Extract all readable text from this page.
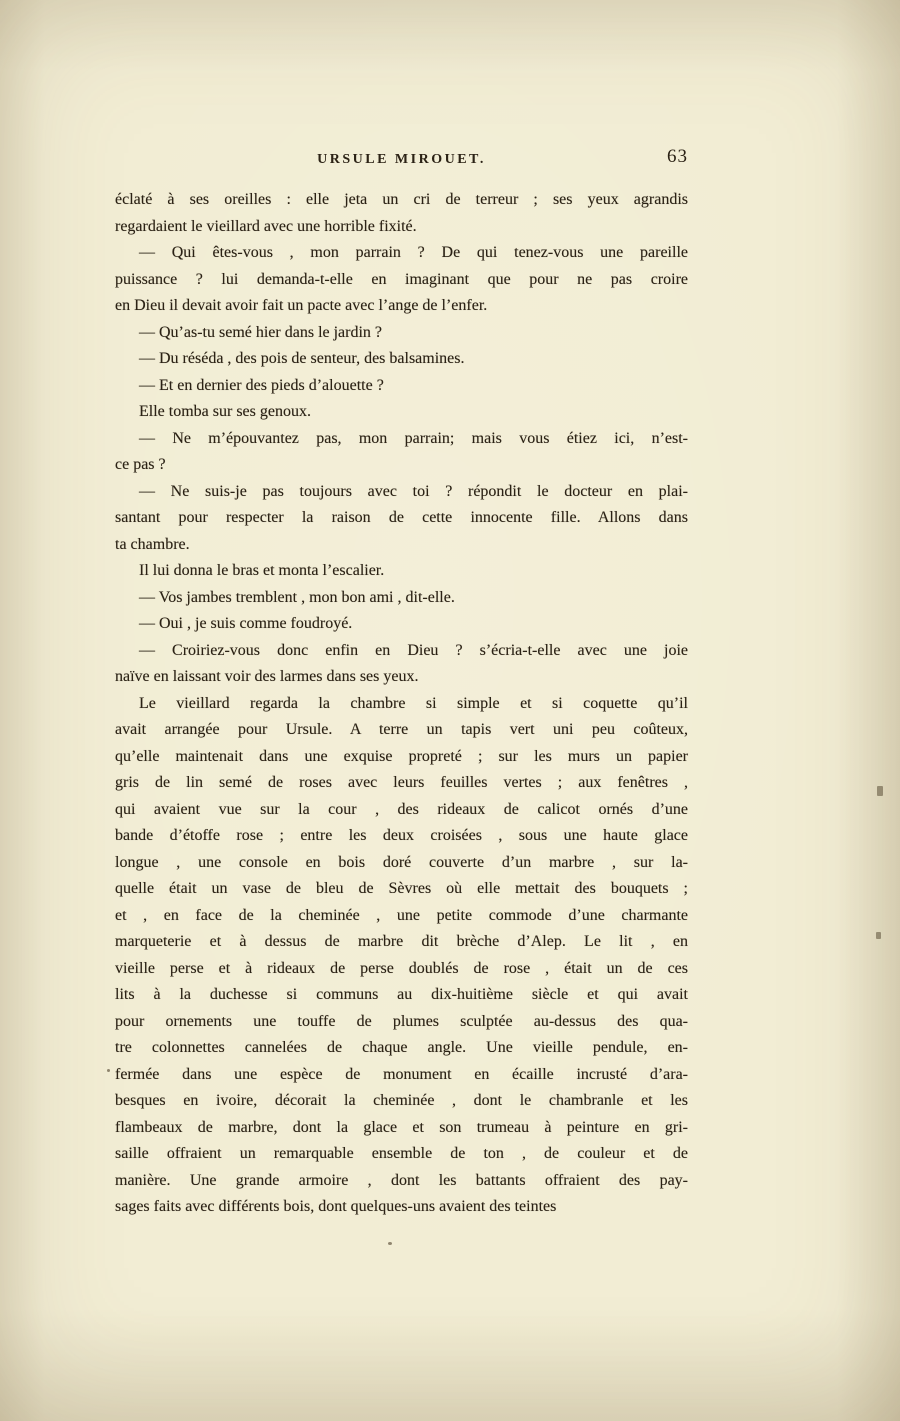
URSULE MIROUET.	63

éclaté à ses oreilles : elle jeta un cri de terreur ; ses yeux agrandis
regardaient le vieillard avec une horrible fixité.

— Qui êtes-vous , mon parrain ? De qui tenez-vous une pareille
puissance ? lui demanda-t-elle en imaginant que pour ne pas croire
en Dieu il devait avoir fait un pacte avec l’ange de l’enfer.

— Qu’as-tu semé hier dans le jardin ?

— Du réséda , des pois de senteur, des balsamines.

— Et en dernier des pieds d’alouette ?

Elle tomba sur ses genoux.

— Ne m’épouvantez pas, mon parrain; mais vous étiez ici, n’est-
ce pas ?

— Ne suis-je pas toujours avec toi ? répondit le docteur en plai-
santant pour respecter la raison de cette innocente fille. Allons dans
ta chambre.

Il lui donna le bras et monta l’escalier.

— Vos jambes tremblent , mon bon ami , dit-elle.

— Oui , je suis comme foudroyé.

— Croiriez-vous donc enfin en Dieu ? s’écria-t-elle avec une joie
naïve en laissant voir des larmes dans ses yeux.

Le vieillard regarda la chambre si simple et si coquette qu’il
avait arrangée pour Ursule. A terre un tapis vert uni peu coûteux,
qu’elle maintenait dans une exquise propreté ; sur les murs un papier
gris de lin semé de roses avec leurs feuilles vertes ; aux fenêtres ,
qui avaient vue sur la cour , des rideaux de calicot ornés d’une
bande d’étoffe rose ; entre les deux croisées , sous une haute glace
longue , une console en bois doré couverte d’un marbre , sur la-
quelle était un vase de bleu de Sèvres où elle mettait des bouquets ;
et , en face de la cheminée , une petite commode d’une charmante
marqueterie et à dessus de marbre dit brèche d’Alep. Le lit , en
vieille perse et à rideaux de perse doublés de rose , était un de ces
lits à la duchesse si communs au dix-huitième siècle et qui avait
pour ornements une touffe de plumes sculptée au-dessus des qua-
tre colonnettes cannelées de chaque angle. Une vieille pendule, en-
fermée dans une espèce de monument en écaille incrusté d’ara-
besques en ivoire, décorait la cheminée , dont le chambranle et les
flambeaux de marbre, dont la glace et son trumeau à peinture en gri-
saille offraient un remarquable ensemble de ton , de couleur et de
manière. Une grande armoire , dont les battants offraient des pay-
sages faits avec différents bois, dont quelques-uns avaient des teintes
